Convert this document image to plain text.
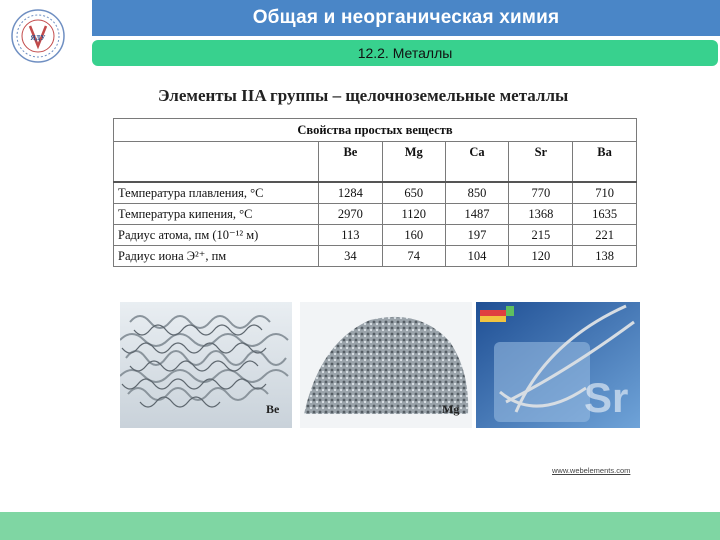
ЯДУ
Общая и неорганическая химия
12.2. Металлы
Элементы IIA группы – щелочноземельные металлы
Свойства простых веществ					
	Be	Mg	Ca	Sr	Ba
Температура плавления, °С	1284	650	850	770	710
Температура кипения, °С	2970	1120	1487	1368	1635
Радиус атома, пм (10⁻¹² м)	113	160	197	215	221
Радиус иона Э²⁺, пм	34	74	104	120	138
Be	Mg	Sr
www.webelements.com
